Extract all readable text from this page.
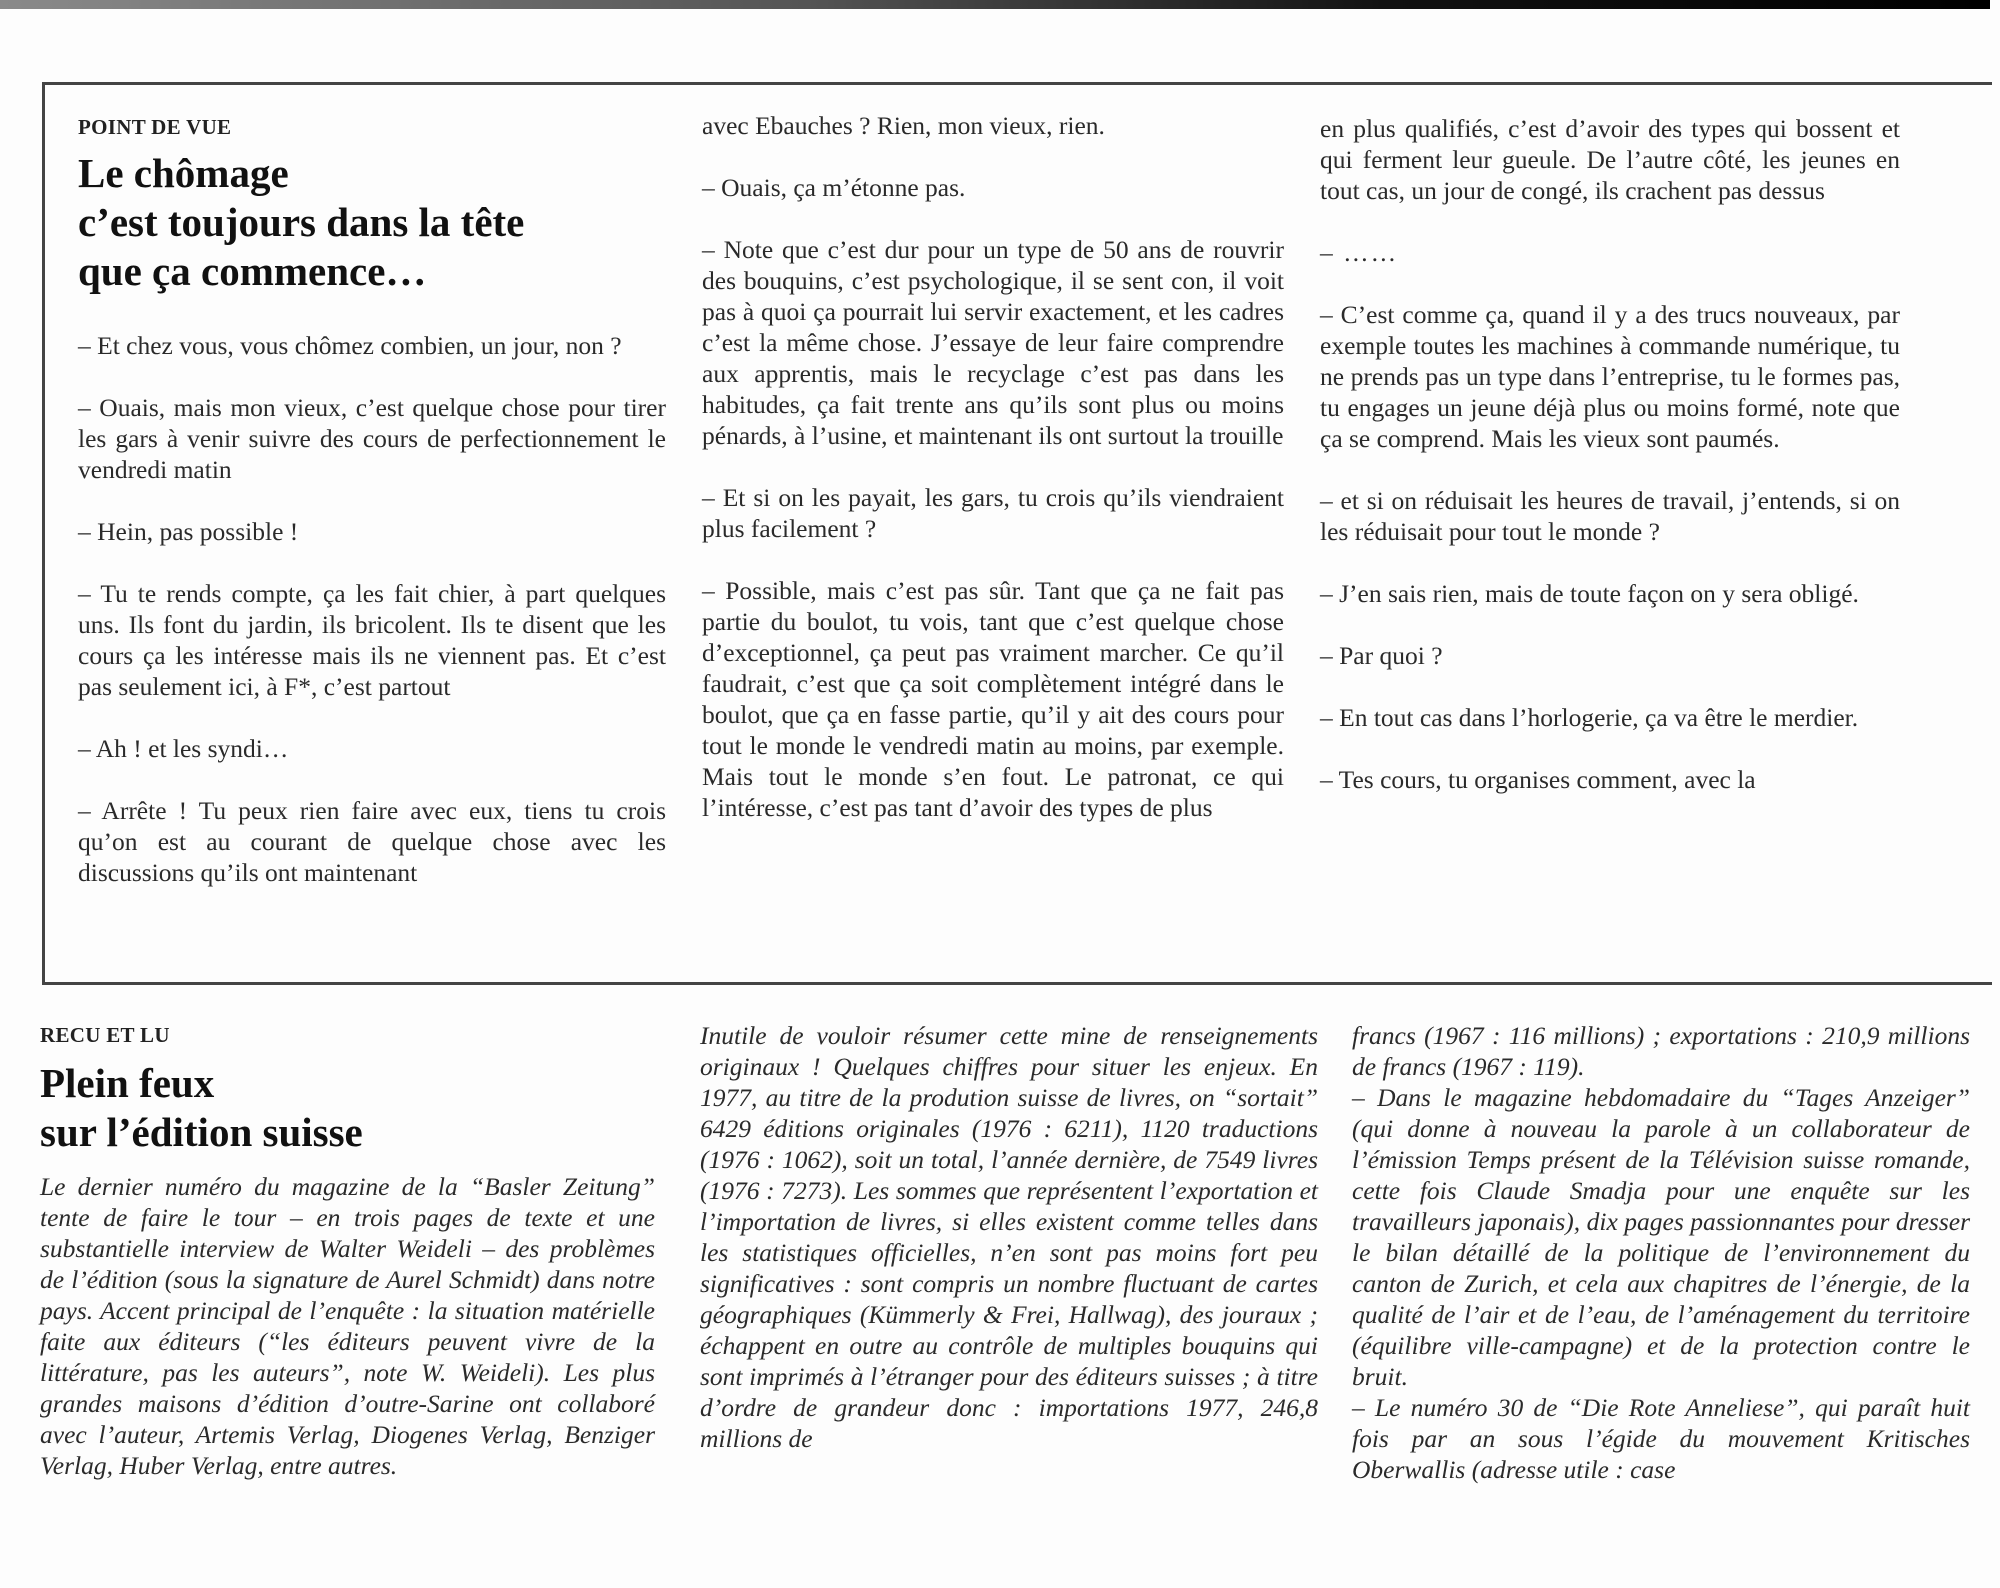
POINT DE VUE
Le chômage
c’est toujours dans la tête
que ça commence…

– Et chez vous, vous chômez combien, un jour, non ?

– Ouais, mais mon vieux, c’est quelque chose pour tirer les gars à venir suivre des cours de perfectionnement le vendredi matin

– Hein, pas possible !

– Tu te rends compte, ça les fait chier, à part quelques uns. Ils font du jardin, ils bricolent. Ils te disent que les cours ça les intéresse mais ils ne viennent pas. Et c’est pas seulement ici, à F*, c’est partout

– Ah ! et les syndi…

– Arrête ! Tu peux rien faire avec eux, tiens tu crois qu’on est au courant de quelque chose avec les discussions qu’ils ont maintenant

avec Ebauches ? Rien, mon vieux, rien.

– Ouais, ça m’étonne pas.

– Note que c’est dur pour un type de 50 ans de rouvrir des bouquins, c’est psychologique, il se sent con, il voit pas à quoi ça pourrait lui servir exactement, et les cadres c’est la même chose. J’essaye de leur faire comprendre aux apprentis, mais le recyclage c’est pas dans les habitudes, ça fait trente ans qu’ils sont plus ou moins pénards, à l’usine, et maintenant ils ont surtout la trouille

– Et si on les payait, les gars, tu crois qu’ils viendraient plus facilement ?

– Possible, mais c’est pas sûr. Tant que ça ne fait pas partie du boulot, tu vois, tant que c’est quelque chose d’exceptionnel, ça peut pas vraiment marcher. Ce qu’il faudrait, c’est que ça soit complètement intégré dans le boulot, que ça en fasse partie, qu’il y ait des cours pour tout le monde le vendredi matin au moins, par exemple. Mais tout le monde s’en fout. Le patronat, ce qui l’intéresse, c’est pas tant d’avoir des types de plus

en plus qualifiés, c’est d’avoir des types qui bossent et qui ferment leur gueule. De l’autre côté, les jeunes en tout cas, un jour de congé, ils crachent pas dessus

– ……

– C’est comme ça, quand il y a des trucs nouveaux, par exemple toutes les machines à commande numérique, tu ne prends pas un type dans l’entreprise, tu le formes pas, tu engages un jeune déjà plus ou moins formé, note que ça se comprend. Mais les vieux sont paumés.

– et si on réduisait les heures de travail, j’entends, si on les réduisait pour tout le monde ?

– J’en sais rien, mais de toute façon on y sera obligé.

– Par quoi ?

– En tout cas dans l’horlogerie, ça va être le merdier.

– Tes cours, tu organises comment, avec la

RECU ET LU
Plein feux
sur l’édition suisse

Le dernier numéro du magazine de la “Basler Zeitung” tente de faire le tour – en trois pages de texte et une substantielle interview de Walter Weideli – des problèmes de l’édition (sous la signature de Aurel Schmidt) dans notre pays. Accent principal de l’enquête : la situation matérielle faite aux éditeurs (“les éditeurs peuvent vivre de la littérature, pas les auteurs”, note W. Weideli). Les plus grandes maisons d’édition d’outre-Sarine ont collaboré avec l’auteur, Artemis Verlag, Diogenes Verlag, Benziger Verlag, Huber Verlag, entre autres.

Inutile de vouloir résumer cette mine de renseignements originaux ! Quelques chiffres pour situer les enjeux. En 1977, au titre de la prodution suisse de livres, on “sortait” 6429 éditions originales (1976 : 6211), 1120 traductions (1976 : 1062), soit un total, l’année dernière, de 7549 livres (1976 : 7273). Les sommes que représentent l’exportation et l’importation de livres, si elles existent comme telles dans les statistiques officielles, n’en sont pas moins fort peu significatives : sont compris un nombre fluctuant de cartes géographiques (Kümmerly & Frei, Hallwag), des jouraux ; échappent en outre au contrôle de multiples bouquins qui sont imprimés à l’étranger pour des éditeurs suisses ; à titre d’ordre de grandeur donc : importations 1977, 246,8 millions de

francs (1967 : 116 millions) ; exportations : 210,9 millions de francs (1967 : 119).

– Dans le magazine hebdomadaire du “Tages Anzeiger” (qui donne à nouveau la parole à un collaborateur de l’émission Temps présent de la Télévision suisse romande, cette fois Claude Smadja pour une enquête sur les travailleurs japonais), dix pages passionnantes pour dresser le bilan détaillé de la politique de l’environnement du canton de Zurich, et cela aux chapitres de l’énergie, de la qualité de l’air et de l’eau, de l’aménagement du territoire (équilibre ville-campagne) et de la protection contre le bruit.

– Le numéro 30 de “Die Rote Anneliese”, qui paraît huit fois par an sous l’égide du mouvement Kritisches Oberwallis (adresse utile : case
